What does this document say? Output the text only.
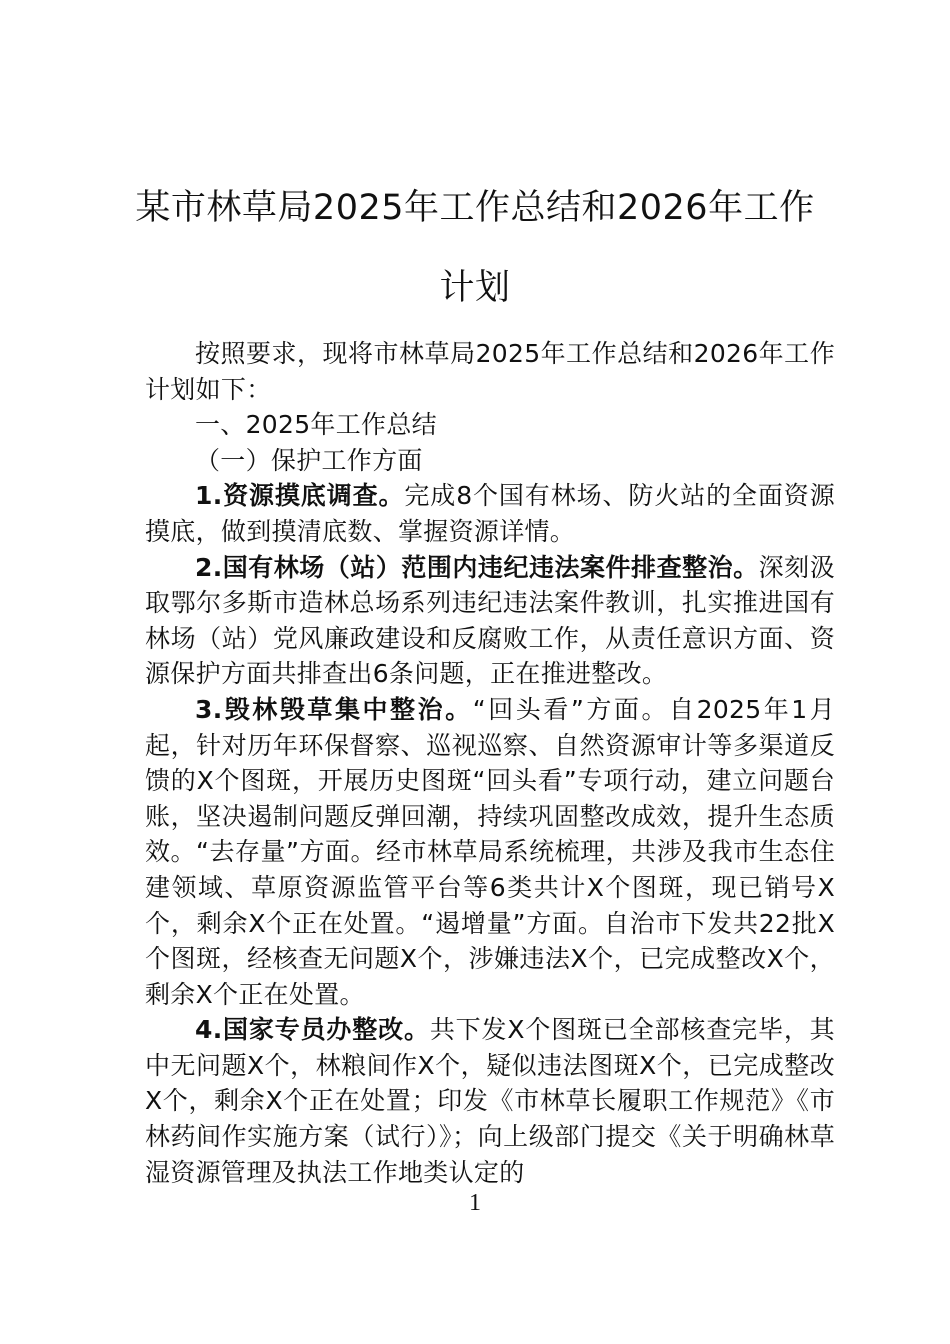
某市林草局2025年工作总结和2026年工作
计划

按照要求，现将市林草局2025年工作总结和2026年工作计划如下：

一、2025年工作总结

（一）保护工作方面

1.资源摸底调查。完成8个国有林场、防火站的全面资源摸底，做到摸清底数、掌握资源详情。

2.国有林场（站）范围内违纪违法案件排查整治。深刻汲取鄂尔多斯市造林总场系列违纪违法案件教训，扎实推进国有林场（站）党风廉政建设和反腐败工作，从责任意识方面、资源保护方面共排查出6条问题，正在推进整改。

3.毁林毁草集中整治。“回头看”方面。自2025年1月起，针对历年环保督察、巡视巡察、自然资源审计等多渠道反馈的X个图斑，开展历史图斑“回头看”专项行动，建立问题台账，坚决遏制问题反弹回潮，持续巩固整改成效，提升生态质效。“去存量”方面。经市林草局系统梳理，共涉及我市生态住建领域、草原资源监管平台等6类共计X个图斑，现已销号X个，剩余X个正在处置。“遏增量”方面。自治市下发共22批X个图斑，经核查无问题X个，涉嫌违法X个，已完成整改X个，剩余X个正在处置。

4.国家专员办整改。共下发X个图斑已全部核查完毕，其中无问题X个，林粮间作X个，疑似违法图斑X个，已完成整改X个，剩余X个正在处置；印发《市林草长履职工作规范》《市林药间作实施方案（试行）》；向上级部门提交《关于明确林草湿资源管理及执法工作地类认定的

1
